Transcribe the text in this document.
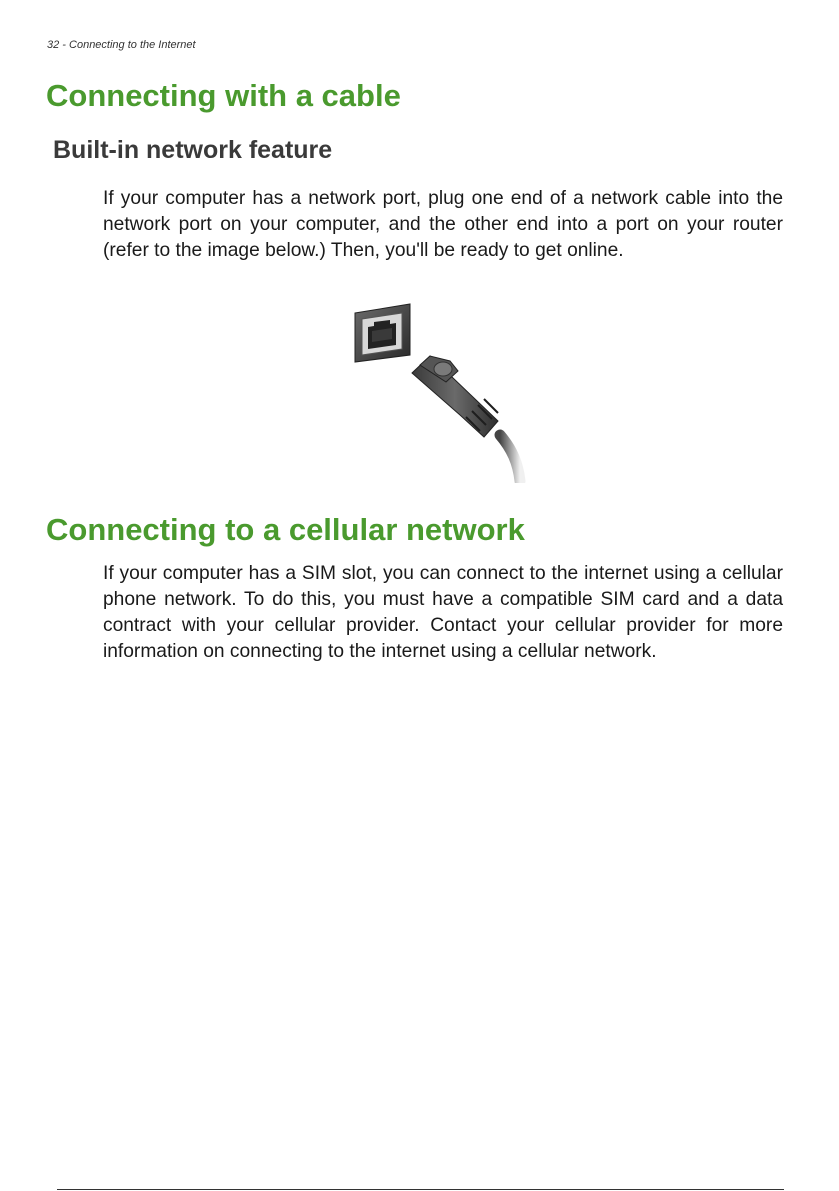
32 - Connecting to the Internet
Connecting with a cable
Built-in network feature

If your computer has a network port, plug one end of a network cable into the network port on your computer, and the other end into a port on your router (refer to the image below.) Then, you'll be ready to get online.

Connecting to a cellular network

If your computer has a SIM slot, you can connect to the internet using a cellular phone network. To do this, you must have a compatible SIM card and a data contract with your cellular provider. Contact your cellular provider for more information on connecting to the internet using a cellular network.
